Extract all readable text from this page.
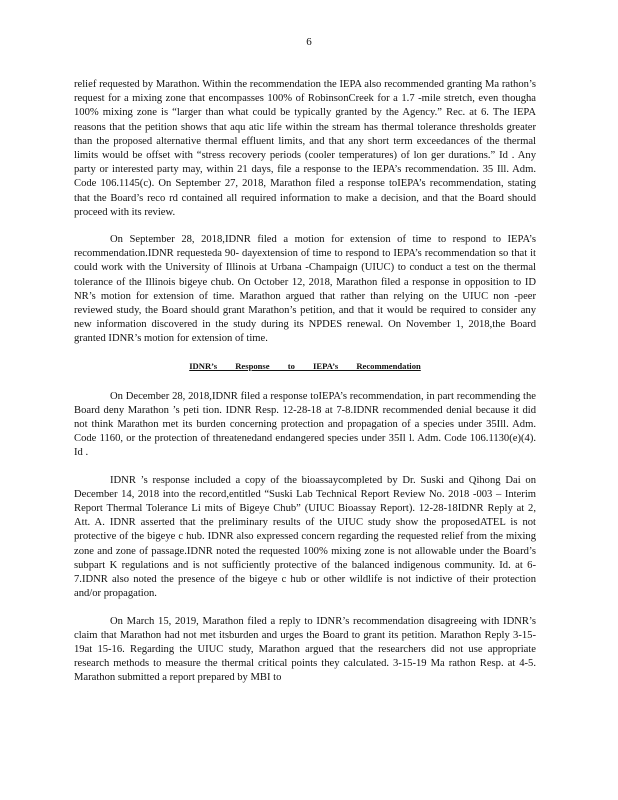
6

relief requested by Marathon. Within the recommendation the IEPA also recommended granting Ma rathon’s request for a mixing zone that encompasses 100% of RobinsonCreek for a 1.7 -mile stretch, even thougha 100% mixing zone is “larger than what could be typically granted by the Agency.” Rec. at 6. The IEPA reasons that the petition shows that aqu atic life within the stream has thermal tolerance thresholds greater than the proposed alternative thermal effluent limits, and that any short term exceedances of the thermal limits would be offset with “stress recovery periods (cooler temperatures) of lon ger durations.” Id . Any party or interested party may, within 21 days, file a response to the IEPA’s recommendation. 35 Ill. Adm. Code 106.1145(c). On September 27, 2018, Marathon filed a response toIEPA’s recommendation, stating that the Board’s reco rd contained all required information to make a decision, and that the Board should proceed with its review.

On September 28, 2018,IDNR filed a motion for extension of time to respond to IEPA’s recommendation.IDNR requesteda 90- dayextension of time to respond to IEPA’s recommendation so that it could work with the University of Illinois at Urbana -Champaign (UIUC) to conduct a test on the thermal tolerance of the Illinois bigeye chub. On October 12, 2018, Marathon filed a response in opposition to ID NR’s motion for extension of time. Marathon argued that rather than relying on the UIUC non -peer reviewed study, the Board should grant Marathon’s petition, and that it would be required to consider any new information discovered in the study during its NPDES renewal. On November 1, 2018,the Board granted IDNR’s motion for extension of time.

IDNR’s Response to IEPA’s Recommendation

On December 28, 2018,IDNR filed a response toIEPA’s recommendation, in part recommending the Board deny Marathon ’s peti tion. IDNR Resp. 12-28-18 at 7-8.IDNR recommended denial because it did not think Marathon met its burden concerning protection and propagation of a species under 35Ill. Adm. Code 1160, or the protection of threatenedand endangered species under 35Il l. Adm. Code 106.1130(e)(4). Id .

IDNR ’s response included a copy of the bioassaycompleted by Dr. Suski and Qihong Dai on December 14, 2018 into the record,entitled “Suski Lab Technical Report Review No. 2018 -003 – Interim Report Thermal Tolerance Li mits of Bigeye Chub” (UIUC Bioassay Report). 12-28-18IDNR Reply at 2, Att. A. IDNR asserted that the preliminary results of the UIUC study show the proposedATEL is not protective of the bigeye c hub. IDNR also expressed concern regarding the requested relief from the mixing zone and zone of passage.IDNR noted the requested 100% mixing zone is not allowable under the Board’s subpart K regulations and is not sufficiently protective of the balanced indigenous community. Id. at 6- 7.IDNR also noted the presence of the bigeye c hub or other wildlife is not indictive of their protection and/or propagation.

On March 15, 2019, Marathon filed a reply to IDNR’s recommendation disagreeing with IDNR’s claim that Marathon had not met itsburden and urges the Board to grant its petition. Marathon Reply 3-15-19at 15-16. Regarding the UIUC study, Marathon argued that the researchers did not use appropriate research methods to measure the thermal critical points they calculated. 3-15-19 Ma rathon Resp. at 4-5. Marathon submitted a report prepared by MBI to
